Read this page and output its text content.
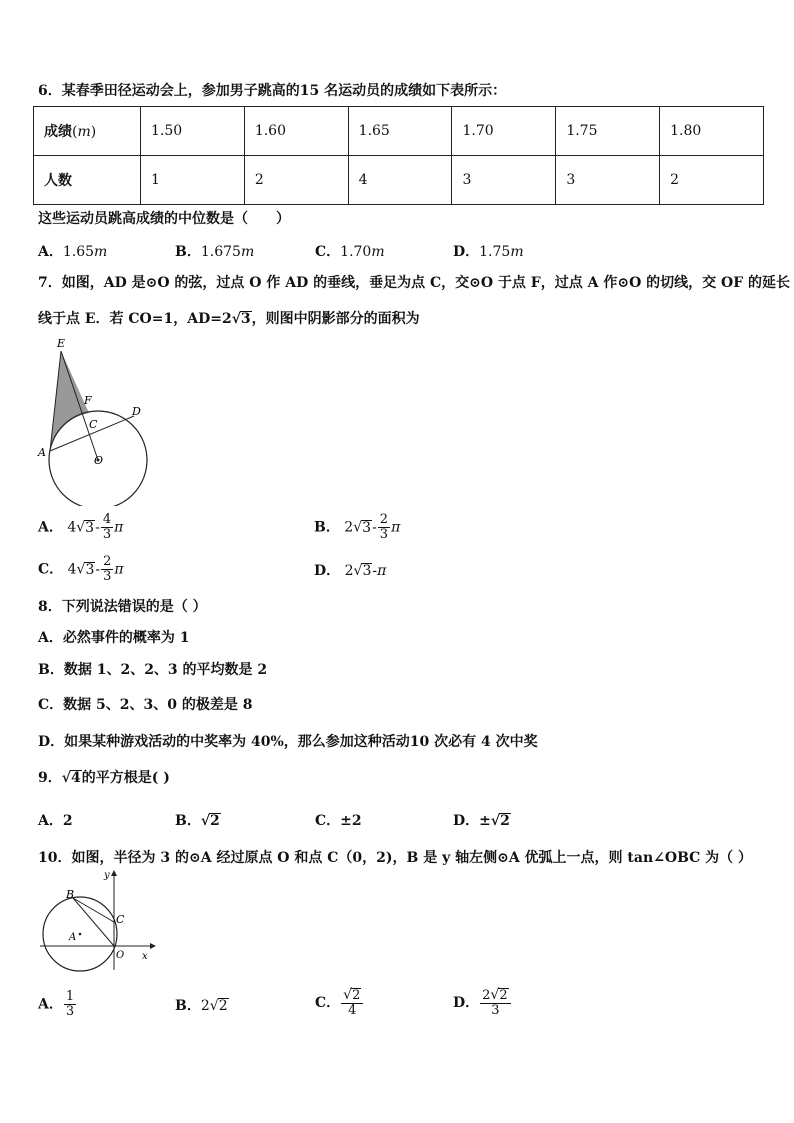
6．某春季田径运动会上，参加男子跳高的15 名运动员的成绩如下表所示：
成绩(m)	1.50	1.60	1.65	1.70	1.75	1.80
人数	1	2	4	3	3	2
这些运动员跳高成绩的中位数是（　　）
A．1.65m	B．1.675m	C．1.70m	D．1.75m
7．如图，AD 是⊙O 的弦，过点 O 作 AD 的垂线，垂足为点 C，交⊙O 于点 F，过点 A 作⊙O 的切线，交 OF 的延长
线于点 E．若 CO=1，AD=2√3，则图中阴影部分的面积为
E
F
C
D
A
O
A． $4√3- \frac{4}{3}$ π	B． $2√3- \frac{2}{3}$ π
C． $4√3- \frac{2}{3}$ π	D． 2√3-π
8．下列说法错误的是（ ）
A．必然事件的概率为 1
B．数据 1、2、2、3 的平均数是 2
C．数据 5、2、3、0 的极差是 8
D．如果某种游戏活动的中奖率为 40%，那么参加这种活动10 次必有 4 次中奖
9．√4的平方根是( )
A．2	B．√2	C．±2	D．±√2
10．如图，半径为 3 的⊙A 经过原点 O 和点 C（0，2)，B 是 y 轴左侧⊙A 优弧上一点，则 tan∠OBC 为（ ）
B
C
A
O x
y
A． $\frac{1}{3}$	B．2√2	C． $\frac{√2}{4}$	D． $\frac{2√2}{3}$
